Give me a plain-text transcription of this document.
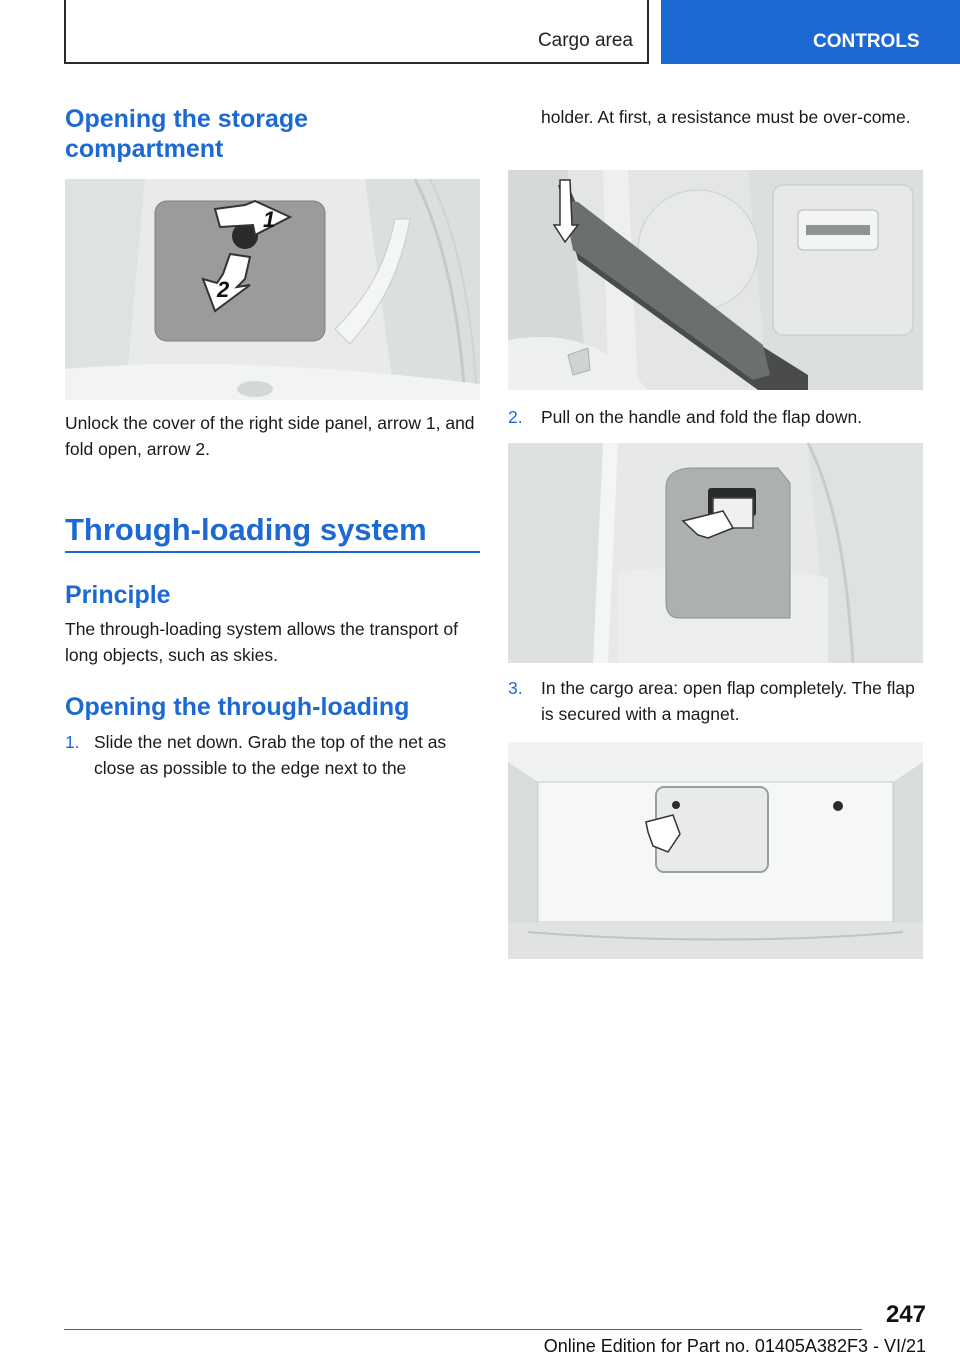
Cargo area	CONTROLS
Opening the storage compartment
1
2

Unlock the cover of the right side panel, arrow 1, and fold open, arrow 2.

Through-loading system
Principle

The through-loading system allows the transport of long objects, such as skies.

Opening the through-loading
1. Slide the net down. Grab the top of the net as close as possible to the edge next to the

holder. At first, a resistance must be over-come.

2. Pull on the handle and fold the flap down.
3. In the cargo area: open flap completely. The flap is secured with a magnet.
247
Online Edition for Part no. 01405A382F3 - VI/21
